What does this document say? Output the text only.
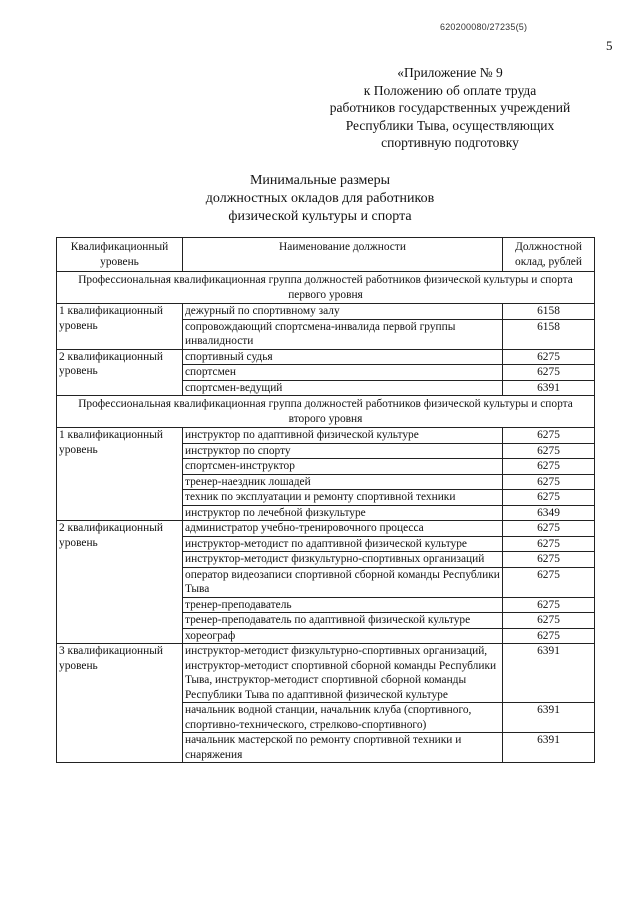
620200080/27235(5)
5
«Приложение № 9
к Положению об оплате труда
работников государственных учреждений
Республики Тыва, осуществляющих
спортивную подготовку
Минимальные размеры
должностных окладов для работников
физической культуры и спорта
Квалификационный уровень	Наименование должности	Должностной оклад, рублей
Профессиональная квалификационная группа должностей работников физической культуры и спорта первого уровня		
1 квалификационный уровень	дежурный по спортивному залу	6158
	сопровождающий спортсмена-инвалида первой группы инвалидности	6158
2 квалификационный уровень	спортивный судья	6275
	спортсмен	6275
	спортсмен-ведущий	6391
Профессиональная квалификационная группа должностей работников физической культуры и спорта второго уровня		
1 квалификационный уровень	инструктор по адаптивной физической культуре	6275
	инструктор по спорту	6275
	спортсмен-инструктор	6275
	тренер-наездник лошадей	6275
	техник по эксплуатации и ремонту спортивной техники	6275
	инструктор по лечебной физкультуре	6349
2 квалификационный уровень	администратор учебно-тренировочного процесса	6275
	инструктор-методист по адаптивной физической культуре	6275
	инструктор-методист физкультурно-спортивных организаций	6275
	оператор видеозаписи спортивной сборной команды Республики Тыва	6275
	тренер-преподаватель	6275
	тренер-преподаватель по адаптивной физической культуре	6275
	хореограф	6275
3 квалификационный уровень	инструктор-методист физкультурно-спортивных организаций, инструктор-методист спортивной сборной команды Республики Тыва, инструктор-методист спортивной сборной команды Республики Тыва по адаптивной физической культуре	6391
	начальник водной станции, начальник клуба (спортивного, спортивно-технического, стрелково-спортивного)	6391
	начальник мастерской по ремонту спортивной техники и снаряжения	6391
